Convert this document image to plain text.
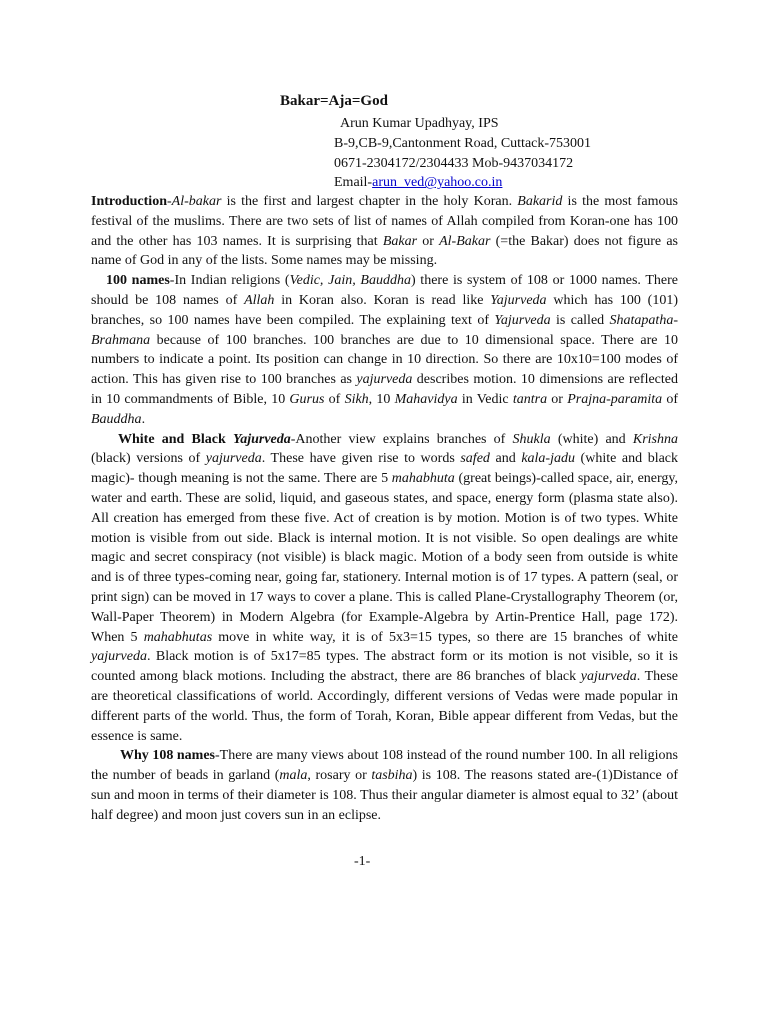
Bakar=Aja=God
Arun Kumar Upadhyay, IPS
B-9,CB-9,Cantonment Road, Cuttack-753001
0671-2304172/2304433 Mob-9437034172
Email-arun_ved@yahoo.co.in

Introduction-Al-bakar is the first and largest chapter in the holy Koran. Bakarid is the most famous festival of the muslims. There are two sets of list of names of Allah compiled from Koran-one has 100 and the other has 103 names. It is surprising that Bakar or Al-Bakar (=the Bakar) does not figure as name of God in any of the lists. Some names may be missing.

100 names-In Indian religions (Vedic, Jain, Bauddha) there is system of 108 or 1000 names. There should be 108 names of Allah in Koran also. Koran is read like Yajurveda which has 100 (101) branches, so 100 names have been compiled. The explaining text of Yajurveda is called Shatapatha-Brahmana because of 100 branches. 100 branches are due to 10 dimensional space. There are 10 numbers to indicate a point. Its position can change in 10 direction. So there are 10x10=100 modes of action. This has given rise to 100 branches as yajurveda describes motion. 10 dimensions are reflected in 10 commandments of Bible, 10 Gurus of Sikh, 10 Mahavidya in Vedic tantra or Prajna-paramita of Bauddha.

White and Black Yajurveda-Another view explains branches of Shukla (white) and Krishna (black) versions of yajurveda. These have given rise to words safed and kala-jadu (white and black magic)- though meaning is not the same. There are 5 mahabhuta (great beings)-called space, air, energy, water and earth. These are solid, liquid, and gaseous states, and space, energy form (plasma state also). All creation has emerged from these five. Act of creation is by motion. Motion is of two types. White motion is visible from out side. Black is internal motion. It is not visible. So open dealings are white magic and secret conspiracy (not visible) is black magic. Motion of a body seen from outside is white and is of three types-coming near, going far, stationery. Internal motion is of 17 types. A pattern (seal, or print sign) can be moved in 17 ways to cover a plane. This is called Plane-Crystallography Theorem (or, Wall-Paper Theorem) in Modern Algebra (for Example-Algebra by Artin-Prentice Hall, page 172). When 5 mahabhutas move in white way, it is of 5x3=15 types, so there are 15 branches of white yajurveda. Black motion is of 5x17=85 types. The abstract form or its motion is not visible, so it is counted among black motions. Including the abstract, there are 86 branches of black yajurveda. These are theoretical classifications of world. Accordingly, different versions of Vedas were made popular in different parts of the world. Thus, the form of Torah, Koran, Bible appear different from Vedas, but the essence is same.

Why 108 names-There are many views about 108 instead of the round number 100. In all religions the number of beads in garland (mala, rosary or tasbiha) is 108. The reasons stated are-(1)Distance of sun and moon in terms of their diameter is 108. Thus their angular diameter is almost equal to 32’ (about half degree) and moon just covers sun in an eclipse.

-1-
